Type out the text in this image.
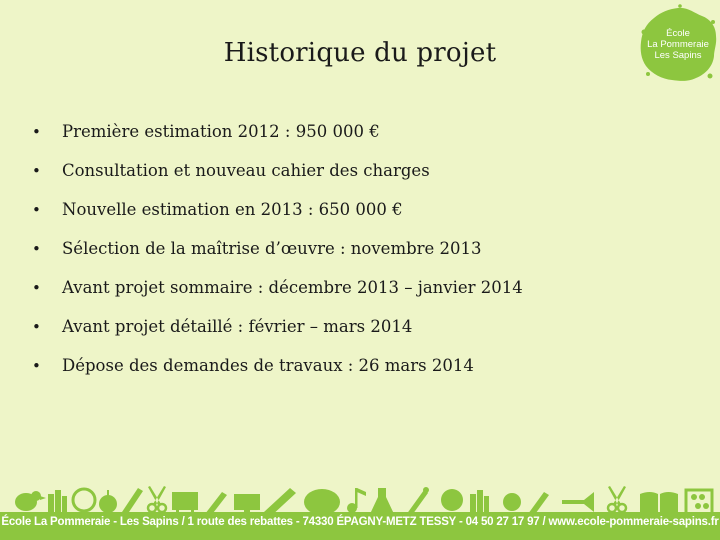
École
La Pommeraie
Les Sapins
Historique du projet
•	Première estimation 2012 : 950 000 €
•	Consultation et nouveau cahier des charges
•	Nouvelle estimation en 2013 : 650 000 €
•	Sélection de la maîtrise d’œuvre : novembre 2013
•	Avant projet sommaire : décembre 2013 – janvier 2014
•	Avant projet détaillé : février – mars 2014
•	Dépose des demandes de travaux : 26 mars 2014
École La Pommeraie - Les Sapins / 1 route des rebattes - 74330 ÉPAGNY-METZ TESSY - 04 50 27 17 97 / www.ecole-pommeraie-sapins.fr
